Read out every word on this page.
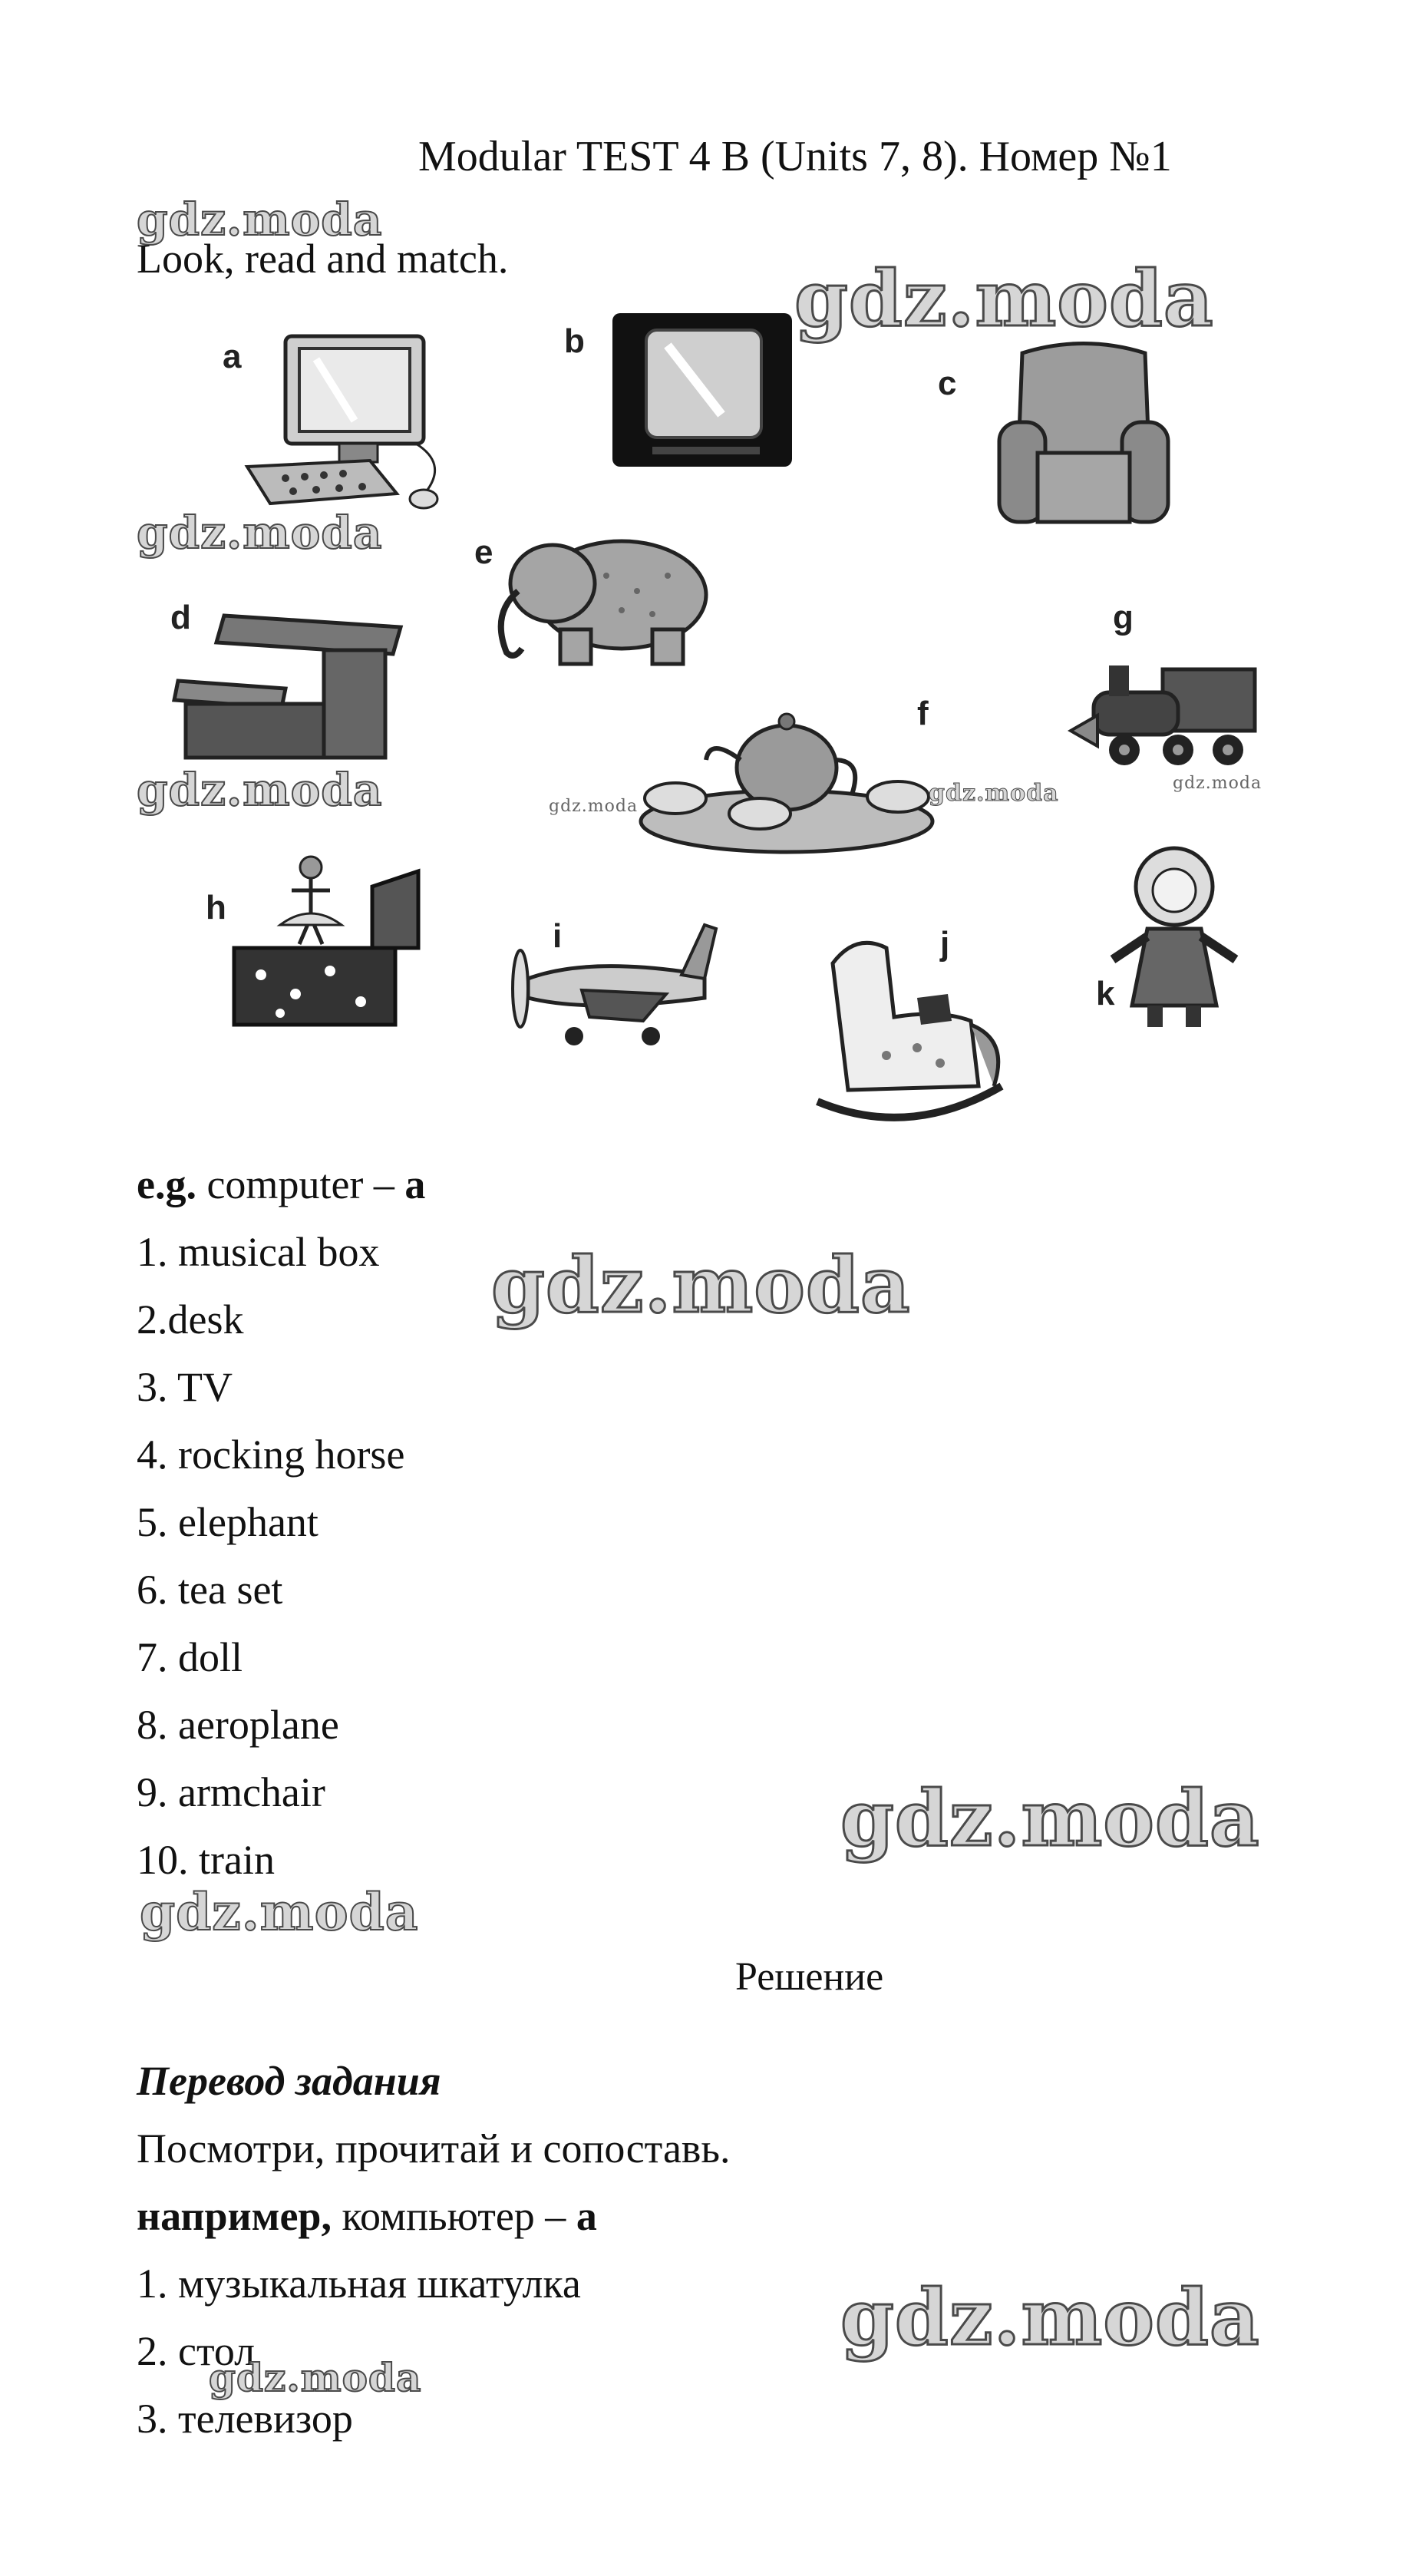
Modular TEST 4 B (Units 7, 8). Номер №1
gdz.moda
Look, read and match.	gdz.moda
a	b
c
gdz.moda	e
d	g
f
gdz.moda	gdz.moda	gdz.moda	gdz.moda
h
i	j
k
e.g. computer – a
1. musical box gdz.moda
2.desk
3. TV
4. rocking horse
5. elephant
6. tea set
7. doll
8. aeroplane
9. armchair	gdz.moda
10. train
gdz.moda
Решение
Перевод задания
Посмотри, прочитай и сопоставь.
например, компьютер – а
1. музыкальная шкатулка	gdz.moda
2. стол
gdz.moda
3. телевизор
